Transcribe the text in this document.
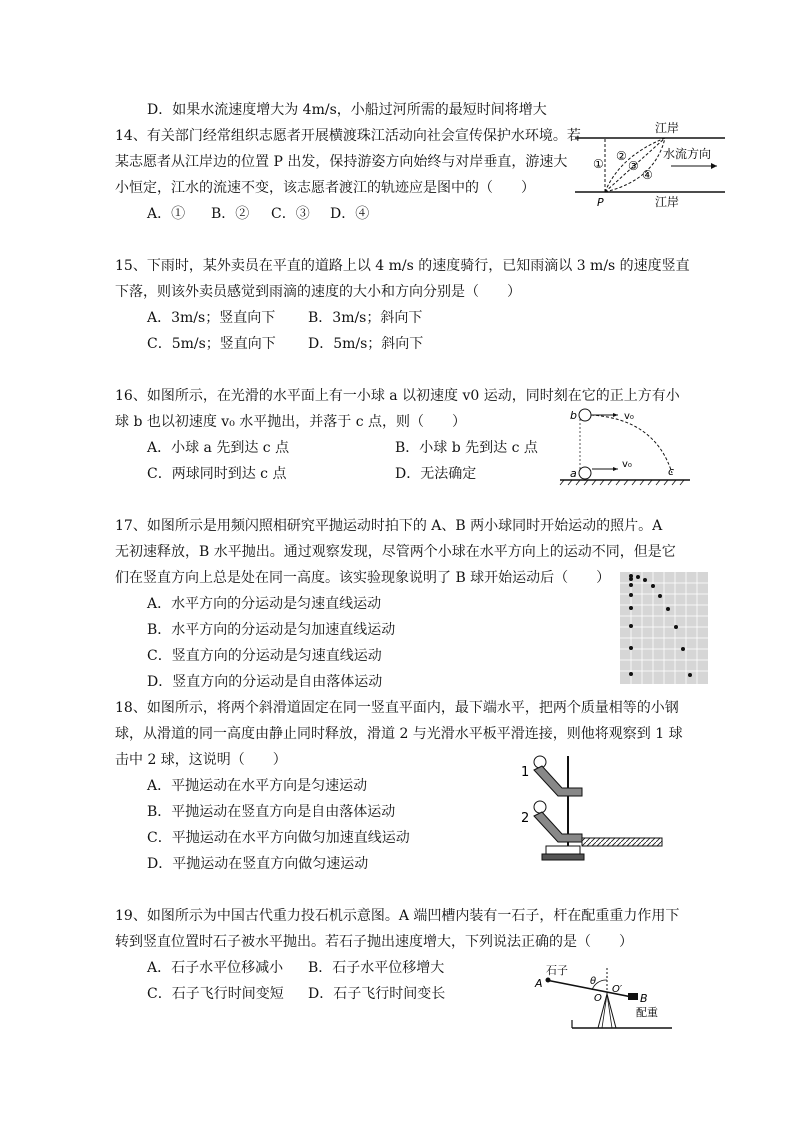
D．如果水流速度增大为 4m/s，小船过河所需的最短时间将增大
14、有关部门经常组织志愿者开展横渡珠江活动向社会宣传保护水环境。若
某志愿者从江岸边的位置 P 出发，保持游姿方向始终与对岸垂直，游速大
小恒定，江水的流速不变，该志愿者渡江的轨迹应是图中的（　　）
A．① B．② C．③ D．④
江岸
江岸
水流方向
P
①
②
③
④
15、下雨时，某外卖员在平直的道路上以 4 m/s 的速度骑行，已知雨滴以 3 m/s 的速度竖直
下落，则该外卖员感觉到雨滴的速度的大小和方向分别是（　　）
A．3m/s；竖直向下 B．3m/s；斜向下
C．5m/s；竖直向下 D．5m/s；斜向下
16、如图所示，在光滑的水平面上有一小球 a 以初速度 v0 运动，同时刻在它的正上方有小
球 b 也以初速度 v₀ 水平抛出，并落于 c 点，则（　　）
A．小球 a 先到达 c 点	B．小球 b 先到达 c 点
C．两球同时到达 c 点	D．无法确定
b	v₀
a
v₀
c
17、如图所示是用频闪照相研究平抛运动时拍下的 A、B 两小球同时开始运动的照片。A
无初速释放，B 水平抛出。通过观察发现，尽管两个小球在水平方向上的运动不同，但是它
们在竖直方向上总是处在同一高度。该实验现象说明了 B 球开始运动后（　　）
A．水平方向的分运动是匀速直线运动
B．水平方向的分运动是匀加速直线运动
C．竖直方向的分运动是匀速直线运动
D．竖直方向的分运动是自由落体运动
18、如图所示，将两个斜滑道固定在同一竖直平面内，最下端水平，把两个质量相等的小钢
球，从滑道的同一高度由静止同时释放，滑道 2 与光滑水平板平滑连接，则他将观察到 1 球
击中 2 球，这说明（　　）
A．平抛运动在水平方向是匀速运动
B．平抛运动在竖直方向是自由落体运动
C．平抛运动在水平方向做匀加速直线运动
D．平抛运动在竖直方向做匀速运动
1
2
19、如图所示为中国古代重力投石机示意图。A 端凹槽内装有一石子，杆在配重重力作用下
转到竖直位置时石子被水平抛出。若石子抛出速度增大，下列说法正确的是（　　）
A．石子水平位移减小 B．石子水平位移增大
C．石子飞行时间变短 D．石子飞行时间变长
石子
A
B
配重
θ
O
O′
